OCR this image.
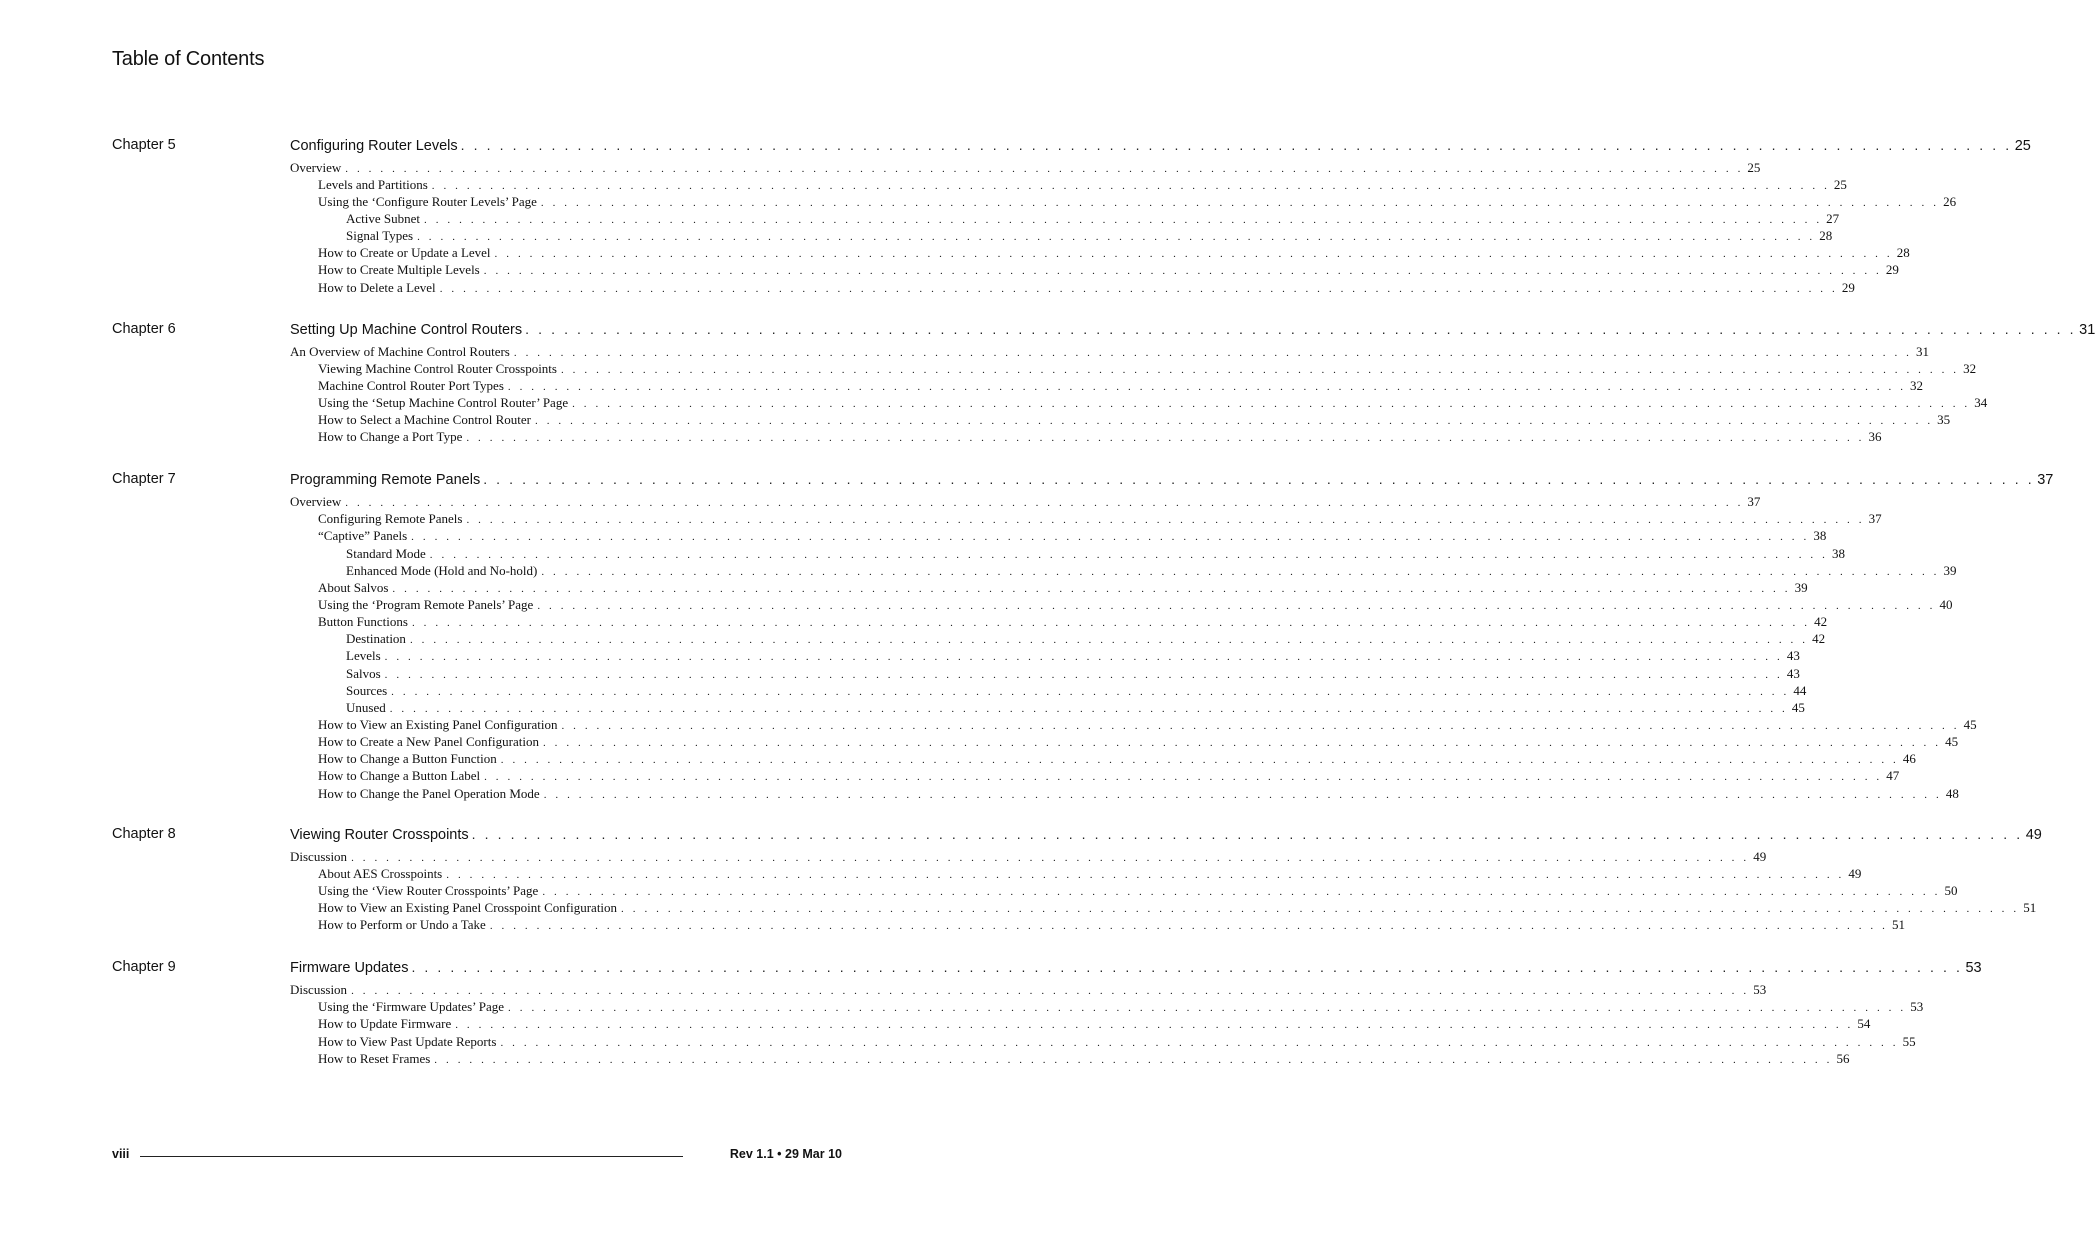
Table of Contents
Chapter 5	Configuring Router Levels . . . . . . . . . . . . . . . . . . . . . . . . . . . . . . . . . . . . . . . . . . . . . . . . . . . . . . . . . . . . . . . . . . . . . . . . . . . . . . . . . . . . . . . . . . . . . . . . . . . . . . . . . . . . . . . . . . . . . . . . 25
Overview . . . . . . . . . . . . . . . . . . . . . . . . . . . . . . . . . . . . . . . . . . . . . . . . . . . . . . . . . . . . . . . . . . . . . . . . . . . . . . . . . . . . . . . . . . . . . . . . . . . . . . . . . . . . . . . . . . . . . . . . 25
Levels and Partitions . . . . . . . . . . . . . . . . . . . . . . . . . . . . . . . . . . . . . . . . . . . . . . . . . . . . . . . . . . . . . . . . . . . . . . . . . . . . . . . . . . . . . . . . . . . . . . . . . . . . . . . . . . . . . . . . . . . . . . . . 25
Using the ‘Configure Router Levels’ Page . . . . . . . . . . . . . . . . . . . . . . . . . . . . . . . . . . . . . . . . . . . . . . . . . . . . . . . . . . . . . . . . . . . . . . . . . . . . . . . . . . . . . . . . . . . . . . . . . . . . . . . . . . . . . . . . . . . . . . . . 26
Active Subnet . . . . . . . . . . . . . . . . . . . . . . . . . . . . . . . . . . . . . . . . . . . . . . . . . . . . . . . . . . . . . . . . . . . . . . . . . . . . . . . . . . . . . . . . . . . . . . . . . . . . . . . . . . . . . . . . . . . . . . . . 27
Signal Types . . . . . . . . . . . . . . . . . . . . . . . . . . . . . . . . . . . . . . . . . . . . . . . . . . . . . . . . . . . . . . . . . . . . . . . . . . . . . . . . . . . . . . . . . . . . . . . . . . . . . . . . . . . . . . . . . . . . . . . . 28
How to Create or Update a Level . . . . . . . . . . . . . . . . . . . . . . . . . . . . . . . . . . . . . . . . . . . . . . . . . . . . . . . . . . . . . . . . . . . . . . . . . . . . . . . . . . . . . . . . . . . . . . . . . . . . . . . . . . . . . . . . . . . . . . . . 28
How to Create Multiple Levels . . . . . . . . . . . . . . . . . . . . . . . . . . . . . . . . . . . . . . . . . . . . . . . . . . . . . . . . . . . . . . . . . . . . . . . . . . . . . . . . . . . . . . . . . . . . . . . . . . . . . . . . . . . . . . . . . . . . . . . . 29
How to Delete a Level . . . . . . . . . . . . . . . . . . . . . . . . . . . . . . . . . . . . . . . . . . . . . . . . . . . . . . . . . . . . . . . . . . . . . . . . . . . . . . . . . . . . . . . . . . . . . . . . . . . . . . . . . . . . . . . . . . . . . . . . 29
Chapter 6	Setting Up Machine Control Routers . . . . . . . . . . . . . . . . . . . . . . . . . . . . . . . . . . . . . . . . . . . . . . . . . . . . . . . . . . . . . . . . . . . . . . . . . . . . . . . . . . . . . . . . . . . . . . . . . . . . . . . . . . . . . . . . . . . . . . . . 31
An Overview of Machine Control Routers . . . . . . . . . . . . . . . . . . . . . . . . . . . . . . . . . . . . . . . . . . . . . . . . . . . . . . . . . . . . . . . . . . . . . . . . . . . . . . . . . . . . . . . . . . . . . . . . . . . . . . . . . . . . . . . . . . . . . . . . 31
Viewing Machine Control Router Crosspoints . . . . . . . . . . . . . . . . . . . . . . . . . . . . . . . . . . . . . . . . . . . . . . . . . . . . . . . . . . . . . . . . . . . . . . . . . . . . . . . . . . . . . . . . . . . . . . . . . . . . . . . . . . . . . . . . . . . . . . . . 32
Machine Control Router Port Types . . . . . . . . . . . . . . . . . . . . . . . . . . . . . . . . . . . . . . . . . . . . . . . . . . . . . . . . . . . . . . . . . . . . . . . . . . . . . . . . . . . . . . . . . . . . . . . . . . . . . . . . . . . . . . . . . . . . . . . . 32
Using the ‘Setup Machine Control Router’ Page . . . . . . . . . . . . . . . . . . . . . . . . . . . . . . . . . . . . . . . . . . . . . . . . . . . . . . . . . . . . . . . . . . . . . . . . . . . . . . . . . . . . . . . . . . . . . . . . . . . . . . . . . . . . . . . . . . . . . . . . 34
How to Select a Machine Control Router . . . . . . . . . . . . . . . . . . . . . . . . . . . . . . . . . . . . . . . . . . . . . . . . . . . . . . . . . . . . . . . . . . . . . . . . . . . . . . . . . . . . . . . . . . . . . . . . . . . . . . . . . . . . . . . . . . . . . . . . 35
How to Change a Port Type . . . . . . . . . . . . . . . . . . . . . . . . . . . . . . . . . . . . . . . . . . . . . . . . . . . . . . . . . . . . . . . . . . . . . . . . . . . . . . . . . . . . . . . . . . . . . . . . . . . . . . . . . . . . . . . . . . . . . . . . 36
Chapter 7	Programming Remote Panels . . . . . . . . . . . . . . . . . . . . . . . . . . . . . . . . . . . . . . . . . . . . . . . . . . . . . . . . . . . . . . . . . . . . . . . . . . . . . . . . . . . . . . . . . . . . . . . . . . . . . . . . . . . . . . . . . . . . . . . . 37
Overview . . . . . . . . . . . . . . . . . . . . . . . . . . . . . . . . . . . . . . . . . . . . . . . . . . . . . . . . . . . . . . . . . . . . . . . . . . . . . . . . . . . . . . . . . . . . . . . . . . . . . . . . . . . . . . . . . . . . . . . . 37
Configuring Remote Panels . . . . . . . . . . . . . . . . . . . . . . . . . . . . . . . . . . . . . . . . . . . . . . . . . . . . . . . . . . . . . . . . . . . . . . . . . . . . . . . . . . . . . . . . . . . . . . . . . . . . . . . . . . . . . . . . . . . . . . . . 37
“Captive” Panels . . . . . . . . . . . . . . . . . . . . . . . . . . . . . . . . . . . . . . . . . . . . . . . . . . . . . . . . . . . . . . . . . . . . . . . . . . . . . . . . . . . . . . . . . . . . . . . . . . . . . . . . . . . . . . . . . . . . . . . . 38
Standard Mode . . . . . . . . . . . . . . . . . . . . . . . . . . . . . . . . . . . . . . . . . . . . . . . . . . . . . . . . . . . . . . . . . . . . . . . . . . . . . . . . . . . . . . . . . . . . . . . . . . . . . . . . . . . . . . . . . . . . . . . . 38
Enhanced Mode (Hold and No-hold) . . . . . . . . . . . . . . . . . . . . . . . . . . . . . . . . . . . . . . . . . . . . . . . . . . . . . . . . . . . . . . . . . . . . . . . . . . . . . . . . . . . . . . . . . . . . . . . . . . . . . . . . . . . . . . . . . . . . . . . . 39
About Salvos . . . . . . . . . . . . . . . . . . . . . . . . . . . . . . . . . . . . . . . . . . . . . . . . . . . . . . . . . . . . . . . . . . . . . . . . . . . . . . . . . . . . . . . . . . . . . . . . . . . . . . . . . . . . . . . . . . . . . . . . 39
Using the ‘Program Remote Panels’ Page . . . . . . . . . . . . . . . . . . . . . . . . . . . . . . . . . . . . . . . . . . . . . . . . . . . . . . . . . . . . . . . . . . . . . . . . . . . . . . . . . . . . . . . . . . . . . . . . . . . . . . . . . . . . . . . . . . . . . . . . 40
Button Functions . . . . . . . . . . . . . . . . . . . . . . . . . . . . . . . . . . . . . . . . . . . . . . . . . . . . . . . . . . . . . . . . . . . . . . . . . . . . . . . . . . . . . . . . . . . . . . . . . . . . . . . . . . . . . . . . . . . . . . . . 42
Destination . . . . . . . . . . . . . . . . . . . . . . . . . . . . . . . . . . . . . . . . . . . . . . . . . . . . . . . . . . . . . . . . . . . . . . . . . . . . . . . . . . . . . . . . . . . . . . . . . . . . . . . . . . . . . . . . . . . . . . . . 42
Levels . . . . . . . . . . . . . . . . . . . . . . . . . . . . . . . . . . . . . . . . . . . . . . . . . . . . . . . . . . . . . . . . . . . . . . . . . . . . . . . . . . . . . . . . . . . . . . . . . . . . . . . . . . . . . . . . . . . . . . . . 43
Salvos . . . . . . . . . . . . . . . . . . . . . . . . . . . . . . . . . . . . . . . . . . . . . . . . . . . . . . . . . . . . . . . . . . . . . . . . . . . . . . . . . . . . . . . . . . . . . . . . . . . . . . . . . . . . . . . . . . . . . . . . 43
Sources . . . . . . . . . . . . . . . . . . . . . . . . . . . . . . . . . . . . . . . . . . . . . . . . . . . . . . . . . . . . . . . . . . . . . . . . . . . . . . . . . . . . . . . . . . . . . . . . . . . . . . . . . . . . . . . . . . . . . . . . 44
Unused . . . . . . . . . . . . . . . . . . . . . . . . . . . . . . . . . . . . . . . . . . . . . . . . . . . . . . . . . . . . . . . . . . . . . . . . . . . . . . . . . . . . . . . . . . . . . . . . . . . . . . . . . . . . . . . . . . . . . . . . 45
How to View an Existing Panel Configuration . . . . . . . . . . . . . . . . . . . . . . . . . . . . . . . . . . . . . . . . . . . . . . . . . . . . . . . . . . . . . . . . . . . . . . . . . . . . . . . . . . . . . . . . . . . . . . . . . . . . . . . . . . . . . . . . . . . . . . . . 45
How to Create a New Panel Configuration . . . . . . . . . . . . . . . . . . . . . . . . . . . . . . . . . . . . . . . . . . . . . . . . . . . . . . . . . . . . . . . . . . . . . . . . . . . . . . . . . . . . . . . . . . . . . . . . . . . . . . . . . . . . . . . . . . . . . . . . 45
How to Change a Button Function . . . . . . . . . . . . . . . . . . . . . . . . . . . . . . . . . . . . . . . . . . . . . . . . . . . . . . . . . . . . . . . . . . . . . . . . . . . . . . . . . . . . . . . . . . . . . . . . . . . . . . . . . . . . . . . . . . . . . . . . 46
How to Change a Button Label . . . . . . . . . . . . . . . . . . . . . . . . . . . . . . . . . . . . . . . . . . . . . . . . . . . . . . . . . . . . . . . . . . . . . . . . . . . . . . . . . . . . . . . . . . . . . . . . . . . . . . . . . . . . . . . . . . . . . . . . 47
How to Change the Panel Operation Mode . . . . . . . . . . . . . . . . . . . . . . . . . . . . . . . . . . . . . . . . . . . . . . . . . . . . . . . . . . . . . . . . . . . . . . . . . . . . . . . . . . . . . . . . . . . . . . . . . . . . . . . . . . . . . . . . . . . . . . . . 48
Chapter 8	Viewing Router Crosspoints . . . . . . . . . . . . . . . . . . . . . . . . . . . . . . . . . . . . . . . . . . . . . . . . . . . . . . . . . . . . . . . . . . . . . . . . . . . . . . . . . . . . . . . . . . . . . . . . . . . . . . . . . . . . . . . . . . . . . . . . 49
Discussion . . . . . . . . . . . . . . . . . . . . . . . . . . . . . . . . . . . . . . . . . . . . . . . . . . . . . . . . . . . . . . . . . . . . . . . . . . . . . . . . . . . . . . . . . . . . . . . . . . . . . . . . . . . . . . . . . . . . . . . . 49
About AES Crosspoints . . . . . . . . . . . . . . . . . . . . . . . . . . . . . . . . . . . . . . . . . . . . . . . . . . . . . . . . . . . . . . . . . . . . . . . . . . . . . . . . . . . . . . . . . . . . . . . . . . . . . . . . . . . . . . . . . . . . . . . . 49
Using the ‘View Router Crosspoints’ Page . . . . . . . . . . . . . . . . . . . . . . . . . . . . . . . . . . . . . . . . . . . . . . . . . . . . . . . . . . . . . . . . . . . . . . . . . . . . . . . . . . . . . . . . . . . . . . . . . . . . . . . . . . . . . . . . . . . . . . . . 50
How to View an Existing Panel Crosspoint Configuration . . . . . . . . . . . . . . . . . . . . . . . . . . . . . . . . . . . . . . . . . . . . . . . . . . . . . . . . . . . . . . . . . . . . . . . . . . . . . . . . . . . . . . . . . . . . . . . . . . . . . . . . . . . . . . . . . . . . . . . . 51
How to Perform or Undo a Take . . . . . . . . . . . . . . . . . . . . . . . . . . . . . . . . . . . . . . . . . . . . . . . . . . . . . . . . . . . . . . . . . . . . . . . . . . . . . . . . . . . . . . . . . . . . . . . . . . . . . . . . . . . . . . . . . . . . . . . . 51
Chapter 9	Firmware Updates . . . . . . . . . . . . . . . . . . . . . . . . . . . . . . . . . . . . . . . . . . . . . . . . . . . . . . . . . . . . . . . . . . . . . . . . . . . . . . . . . . . . . . . . . . . . . . . . . . . . . . . . . . . . . . . . . . . . . . . . 53
Discussion . . . . . . . . . . . . . . . . . . . . . . . . . . . . . . . . . . . . . . . . . . . . . . . . . . . . . . . . . . . . . . . . . . . . . . . . . . . . . . . . . . . . . . . . . . . . . . . . . . . . . . . . . . . . . . . . . . . . . . . . 53
Using the ‘Firmware Updates’ Page . . . . . . . . . . . . . . . . . . . . . . . . . . . . . . . . . . . . . . . . . . . . . . . . . . . . . . . . . . . . . . . . . . . . . . . . . . . . . . . . . . . . . . . . . . . . . . . . . . . . . . . . . . . . . . . . . . . . . . . . 53
How to Update Firmware . . . . . . . . . . . . . . . . . . . . . . . . . . . . . . . . . . . . . . . . . . . . . . . . . . . . . . . . . . . . . . . . . . . . . . . . . . . . . . . . . . . . . . . . . . . . . . . . . . . . . . . . . . . . . . . . . . . . . . . . 54
How to View Past Update Reports . . . . . . . . . . . . . . . . . . . . . . . . . . . . . . . . . . . . . . . . . . . . . . . . . . . . . . . . . . . . . . . . . . . . . . . . . . . . . . . . . . . . . . . . . . . . . . . . . . . . . . . . . . . . . . . . . . . . . . . . 55
How to Reset Frames . . . . . . . . . . . . . . . . . . . . . . . . . . . . . . . . . . . . . . . . . . . . . . . . . . . . . . . . . . . . . . . . . . . . . . . . . . . . . . . . . . . . . . . . . . . . . . . . . . . . . . . . . . . . . . . . . . . . . . . . 56
viii	Rev 1.1 • 29 Mar 10
